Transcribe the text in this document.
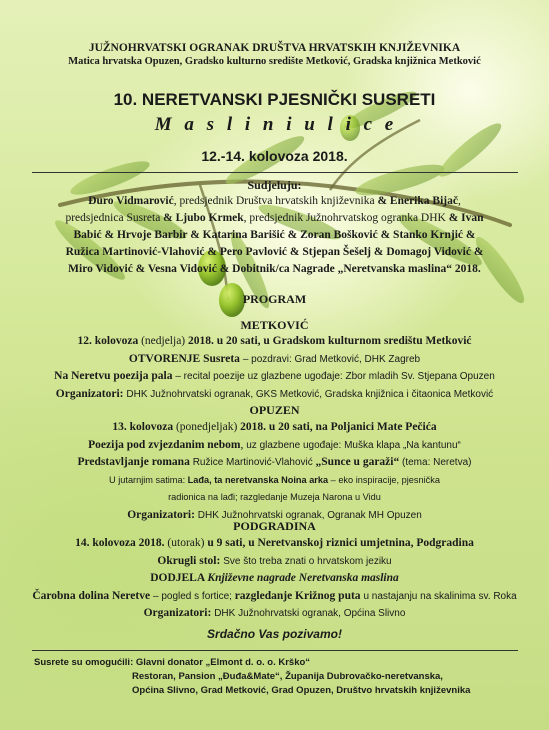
JUŽNOHRVATSKI OGRANAK DRUŠTVA HRVATSKIH KNJIŽEVNIKA
Matica hrvatska Opuzen, Gradsko kulturno središte Metković, Gradska knjižnica Metković
10. NERETVANSKI PJESNIČKI SUSRETI
M a s l i n i u l i c e
12.-14. kolovoza 2018.
Sudjeluju:
Đuro Vidmarović, predsjednik Društva hrvatskih književnika & Enerika Bijač,
predsjednica Susreta & Ljubo Krmek, predsjednik Južnohrvatskog ogranka DHK & Ivan
Babić & Hrvoje Barbir & Katarina Barišić & Zoran Bošković & Stanko Krnjić &
Ružica Martinović-Vlahović & Pero Pavlović & Stjepan Šešelj & Domagoj Vidović &
Miro Vidović & Vesna Vidović & Dobitnik/ca Nagrade „Neretvanska maslina“ 2018.
PROGRAM
METKOVIĆ
12. kolovoza (nedjelja) 2018. u 20 sati, u Gradskom kulturnom središtu Metković
OTVORENJE Susreta – pozdravi: Grad Metković, DHK Zagreb
Na Neretvu poezija pala – recital poezije uz glazbene ugođaje: Zbor mladih Sv. Stjepana Opuzen
Organizatori: DHK Južnohrvatski ogranak, GKS Metković, Gradska knjižnica i čitaonica Metković
OPUZEN
13. kolovoza (ponedjeljak) 2018. u 20 sati, na Poljanici Mate Pečića
Poezija pod zvjezdanim nebom, uz glazbene ugođaje: Muška klapa „Na kantunu“
Predstavljanje romana Ružice Martinović-Vlahović „Sunce u garaži“ (tema: Neretva)
U jutarnjim satima: Lađa, ta neretvanska Noina arka – eko inspiracije, pjesnička
radionica na lađi; razgledanje Muzeja Narona u Vidu
Organizatori: DHK Južnohrvatski ogranak, Ogranak MH Opuzen
PODGRADINA
14. kolovoza 2018. (utorak) u 9 sati, u Neretvanskoj riznici umjetnina, Podgradina
Okrugli stol: Sve što treba znati o hrvatskom jeziku
DODJELA Književne nagrade Neretvanska maslina
Čarobna dolina Neretve – pogled s fortice; razgledanje Križnog puta u nastajanju na skalinima sv. Roka
Organizatori: DHK Južnohrvatski ogranak, Općina Slivno
Srdačno Vas pozivamo!
Susrete su omogućili: Glavni donator „Elmont d. o. o. Krško“
Restoran, Pansion „Đuđa&Mate“, Županija Dubrovačko-neretvanska,
Općina Slivno, Grad Metković, Grad Opuzen, Društvo hrvatskih književnika
